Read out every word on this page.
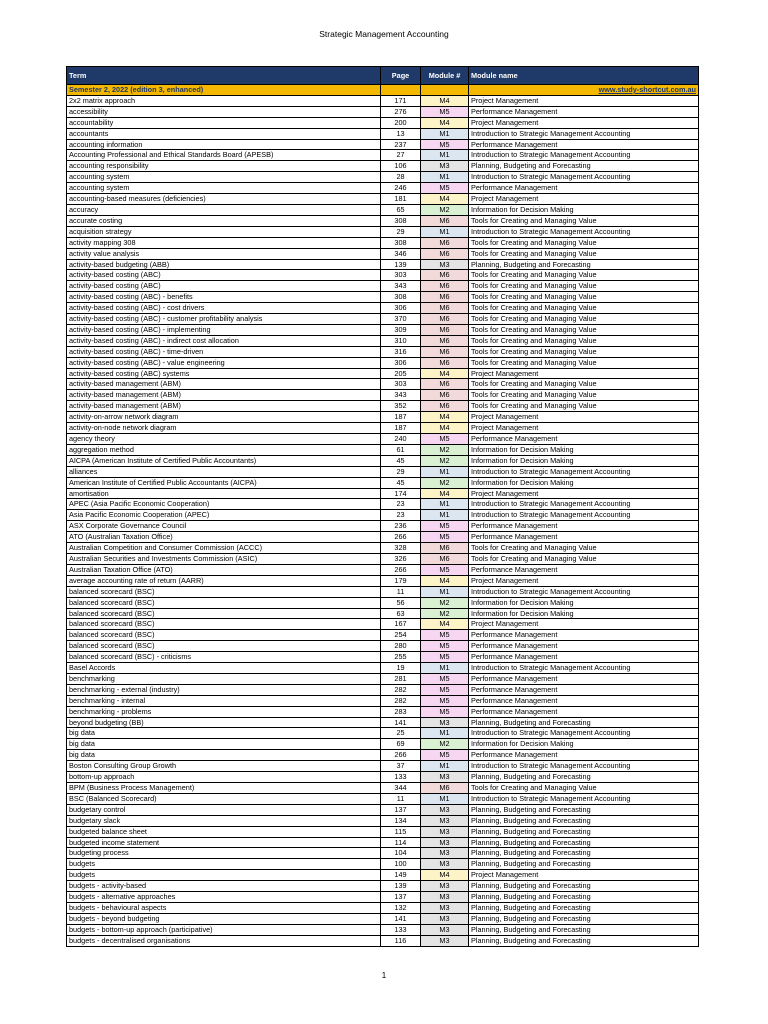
Strategic Management Accounting
Term	Page	Module #	Module name
Semester 2, 2022 (edition 3, enhanced)			www.study-shortcut.com.au
2x2 matrix approach	171	M4	Project Management
accessibility	276	M5	Performance Management
accountability	200	M4	Project Management
accountants	13	M1	Introduction to Strategic Management Accounting
accounting information	237	M5	Performance Management
Accounting Professional and Ethical Standards Board (APESB)	27	M1	Introduction to Strategic Management Accounting
accounting responsibility	106	M3	Planning, Budgeting and Forecasting
accounting system	28	M1	Introduction to Strategic Management Accounting
accounting system	246	M5	Performance Management
accounting-based measures (deficiencies)	181	M4	Project Management
accuracy	65	M2	Information for Decision Making
accurate costing	308	M6	Tools for Creating and Managing Value
acquisition strategy	29	M1	Introduction to Strategic Management Accounting
activity mapping 308	308	M6	Tools for Creating and Managing Value
activity value analysis	346	M6	Tools for Creating and Managing Value
activity-based budgeting (ABB)	139	M3	Planning, Budgeting and Forecasting
activity-based costing (ABC)	303	M6	Tools for Creating and Managing Value
activity-based costing (ABC)	343	M6	Tools for Creating and Managing Value
activity-based costing (ABC) - benefits	308	M6	Tools for Creating and Managing Value
activity-based costing (ABC) - cost drivers	306	M6	Tools for Creating and Managing Value
activity-based costing (ABC) - customer profitability analysis	370	M6	Tools for Creating and Managing Value
activity-based costing (ABC) - implementing	309	M6	Tools for Creating and Managing Value
activity-based costing (ABC) - indirect cost allocation	310	M6	Tools for Creating and Managing Value
activity-based costing (ABC) - time-driven	316	M6	Tools for Creating and Managing Value
activity-based costing (ABC) - value engineering	306	M6	Tools for Creating and Managing Value
activity-based costing (ABC) systems	205	M4	Project Management
activity-based management (ABM)	303	M6	Tools for Creating and Managing Value
activity-based management (ABM)	343	M6	Tools for Creating and Managing Value
activity-based management (ABM)	352	M6	Tools for Creating and Managing Value
activity-on-arrow network diagram	187	M4	Project Management
activity-on-node network diagram	187	M4	Project Management
agency theory	240	M5	Performance Management
aggregation method	61	M2	Information for Decision Making
AICPA (American Institute of Certified Public Accountants)	45	M2	Information for Decision Making
alliances	29	M1	Introduction to Strategic Management Accounting
American Institute of Certified Public Accountants (AICPA)	45	M2	Information for Decision Making
amortisation	174	M4	Project Management
APEC (Asia Pacific Economic Cooperation)	23	M1	Introduction to Strategic Management Accounting
Asia Pacific Economic Cooperation (APEC)	23	M1	Introduction to Strategic Management Accounting
ASX Corporate Governance Council	236	M5	Performance Management
ATO (Australian Taxation Office)	266	M5	Performance Management
Australian Competition and Consumer Commission (ACCC)	328	M6	Tools for Creating and Managing Value
Australian Securities and Investments Commission (ASIC)	326	M6	Tools for Creating and Managing Value
Australian Taxation Office (ATO)	266	M5	Performance Management
average accounting rate of return (AARR)	179	M4	Project Management
balanced scorecard (BSC)	11	M1	Introduction to Strategic Management Accounting
balanced scorecard (BSC)	56	M2	Information for Decision Making
balanced scorecard (BSC)	63	M2	Information for Decision Making
balanced scorecard (BSC)	167	M4	Project Management
balanced scorecard (BSC)	254	M5	Performance Management
balanced scorecard (BSC)	280	M5	Performance Management
balanced scorecard (BSC) - criticisms	255	M5	Performance Management
Basel Accords	19	M1	Introduction to Strategic Management Accounting
benchmarking	281	M5	Performance Management
benchmarking - external (industry)	282	M5	Performance Management
benchmarking - internal	282	M5	Performance Management
benchmarking - problems	283	M5	Performance Management
beyond budgeting (BB)	141	M3	Planning, Budgeting and Forecasting
big data	25	M1	Introduction to Strategic Management Accounting
big data	69	M2	Information for Decision Making
big data	266	M5	Performance Management
Boston Consulting Group Growth	37	M1	Introduction to Strategic Management Accounting
bottom-up approach	133	M3	Planning, Budgeting and Forecasting
BPM (Business Process Management)	344	M6	Tools for Creating and Managing Value
BSC (Balanced Scorecard)	11	M1	Introduction to Strategic Management Accounting
budgetary control	137	M3	Planning, Budgeting and Forecasting
budgetary slack	134	M3	Planning, Budgeting and Forecasting
budgeted balance sheet	115	M3	Planning, Budgeting and Forecasting
budgeted income statement	114	M3	Planning, Budgeting and Forecasting
budgeting process	104	M3	Planning, Budgeting and Forecasting
budgets	100	M3	Planning, Budgeting and Forecasting
budgets	149	M4	Project Management
budgets - activity-based	139	M3	Planning, Budgeting and Forecasting
budgets - alternative approaches	137	M3	Planning, Budgeting and Forecasting
budgets - behavioural aspects	132	M3	Planning, Budgeting and Forecasting
budgets - beyond budgeting	141	M3	Planning, Budgeting and Forecasting
budgets - bottom-up approach (participative)	133	M3	Planning, Budgeting and Forecasting
budgets - decentralised organisations	116	M3	Planning, Budgeting and Forecasting
1
